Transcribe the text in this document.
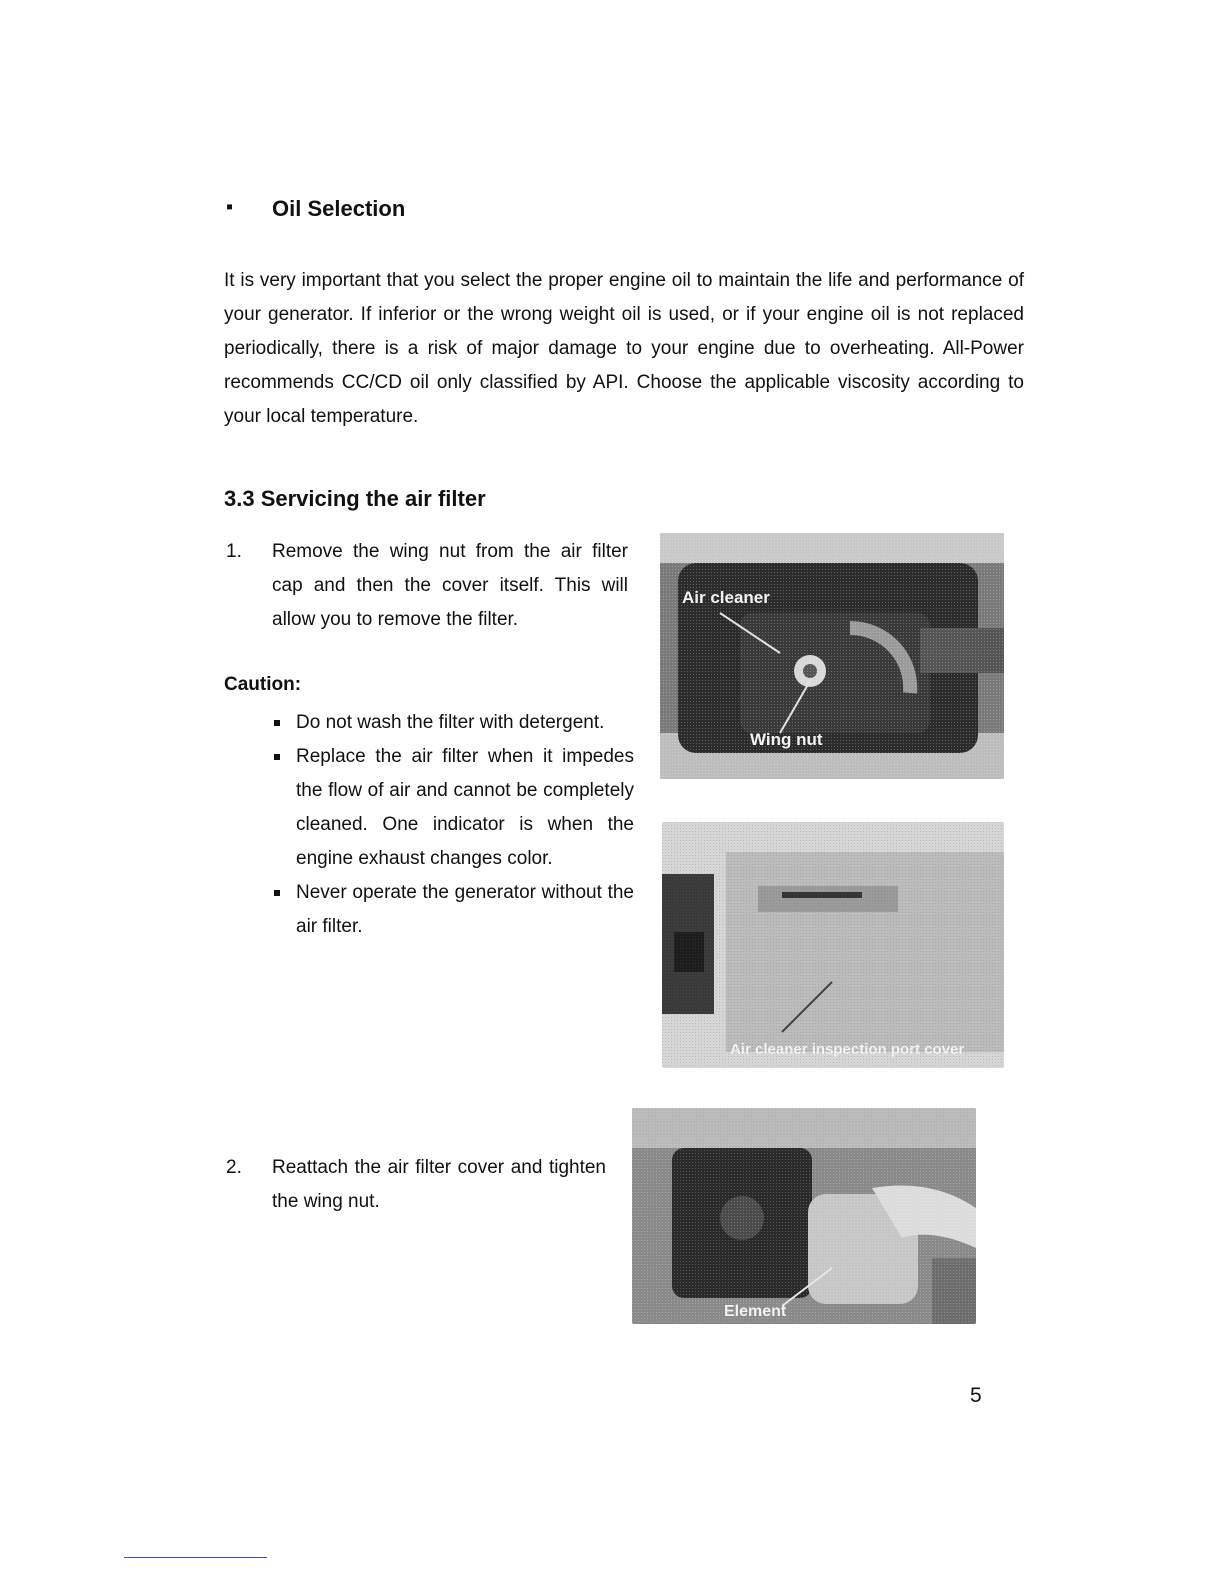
▪ Oil Selection
It is very important that you select the proper engine oil to maintain the life and performance of your generator. If inferior or the wrong weight oil is used, or if your engine oil is not replaced periodically, there is a risk of major damage to your engine due to overheating. All-Power recommends CC/CD oil only classified by API. Choose the applicable viscosity according to your local temperature.
3.3 Servicing the air filter
1. Remove the wing nut from the air filter cap and then the cover itself. This will allow you to remove the filter.
Caution:
Do not wash the filter with detergent.
Replace the air filter when it impedes the flow of air and cannot be completely cleaned. One indicator is when the engine exhaust changes color.
Never operate the generator without the air filter.
2. Reattach the air filter cover and tighten the wing nut.
5
